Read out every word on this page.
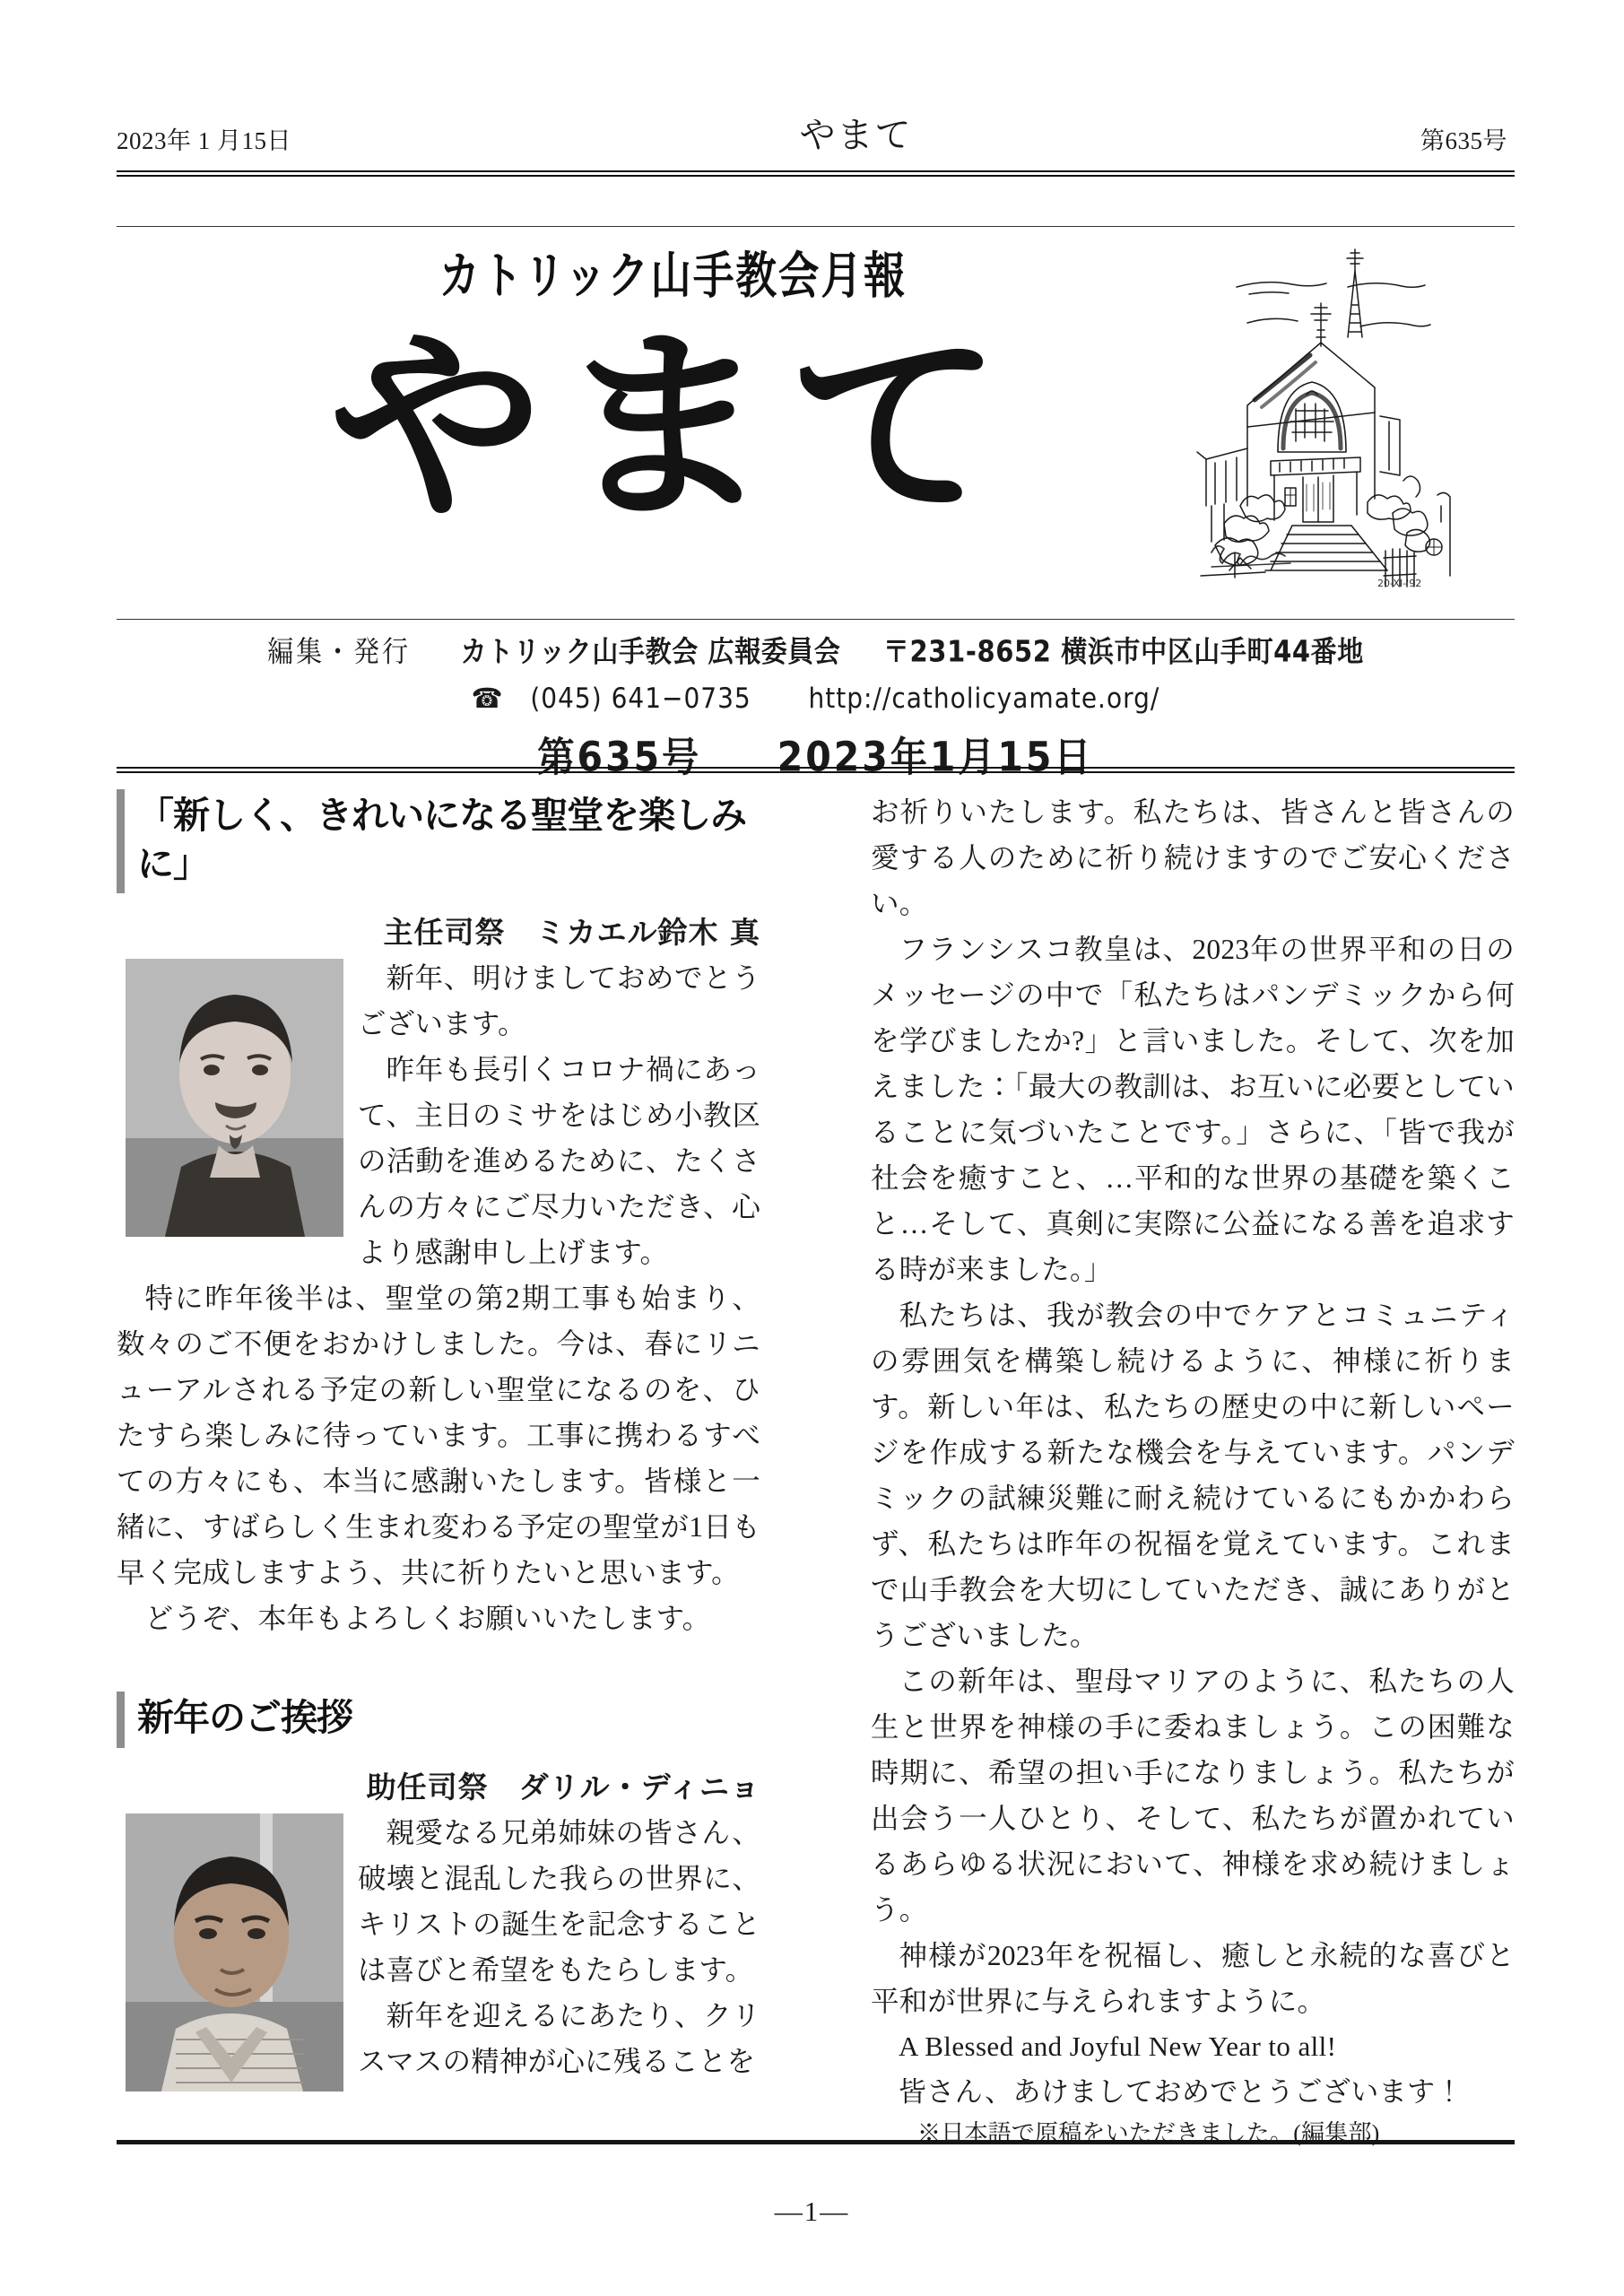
2023年 1 月15日	やまて	第635号
カトリック山手教会月報
やまて
20-XI-'92
編集・発行 カトリック山手教会 広報委員会 〒231-8652 横浜市中区山手町44番地
☎ (045) 641−0735 http://catholicyamate.org/
第635号 2023年1月15日
「新しく、きれいになる聖堂を楽しみに」
主任司祭　ミカエル鈴木 真

新年、明けましておめでとうございます。

昨年も長引くコロナ禍にあって、主日のミサをはじめ小教区の活動を進めるために、たくさんの方々にご尽力いただき、心より感謝申し上げます。

特に昨年後半は、聖堂の第2期工事も始まり、数々のご不便をおかけしました。今は、春にリニューアルされる予定の新しい聖堂になるのを、ひたすら楽しみに待っています。工事に携わるすべての方々にも、本当に感謝いたします。皆様と一緒に、すばらしく生まれ変わる予定の聖堂が1日も早く完成しますよう、共に祈りたいと思います。

どうぞ、本年もよろしくお願いいたします。

新年のご挨拶
助任司祭　ダリル・ディニョ

親愛なる兄弟姉妹の皆さん、破壊と混乱した我らの世界に、キリストの誕生を記念することは喜びと希望をもたらします。

新年を迎えるにあたり、クリスマスの精神が心に残ることを

お祈りいたします。私たちは、皆さんと皆さんの愛する人のために祈り続けますのでご安心ください。

フランシスコ教皇は、2023年の世界平和の日のメッセージの中で「私たちはパンデミックから何を学びましたか?」と言いました。そして、次を加えました：「最大の教訓は、お互いに必要としていることに気づいたことです。」さらに、「皆で我が社会を癒すこと、…平和的な世界の基礎を築くこと…そして、真剣に実際に公益になる善を追求する時が来ました。」

私たちは、我が教会の中でケアとコミュニティの雰囲気を構築し続けるように、神様に祈ります。新しい年は、私たちの歴史の中に新しいページを作成する新たな機会を与えています。パンデミックの試練災難に耐え続けているにもかかわらず、私たちは昨年の祝福を覚えています。これまで山手教会を大切にしていただき、誠にありがとうございました。

この新年は、聖母マリアのように、私たちの人生と世界を神様の手に委ねましょう。この困難な時期に、希望の担い手になりましょう。私たちが出会う一人ひとり、そして、私たちが置かれているあらゆる状況において、神様を求め続けましょう。

神様が2023年を祝福し、癒しと永続的な喜びと平和が世界に与えられますように。

A Blessed and Joyful New Year to all!
皆さん、あけましておめでとうございます！
※日本語で原稿をいただきました。(編集部)
—1—
